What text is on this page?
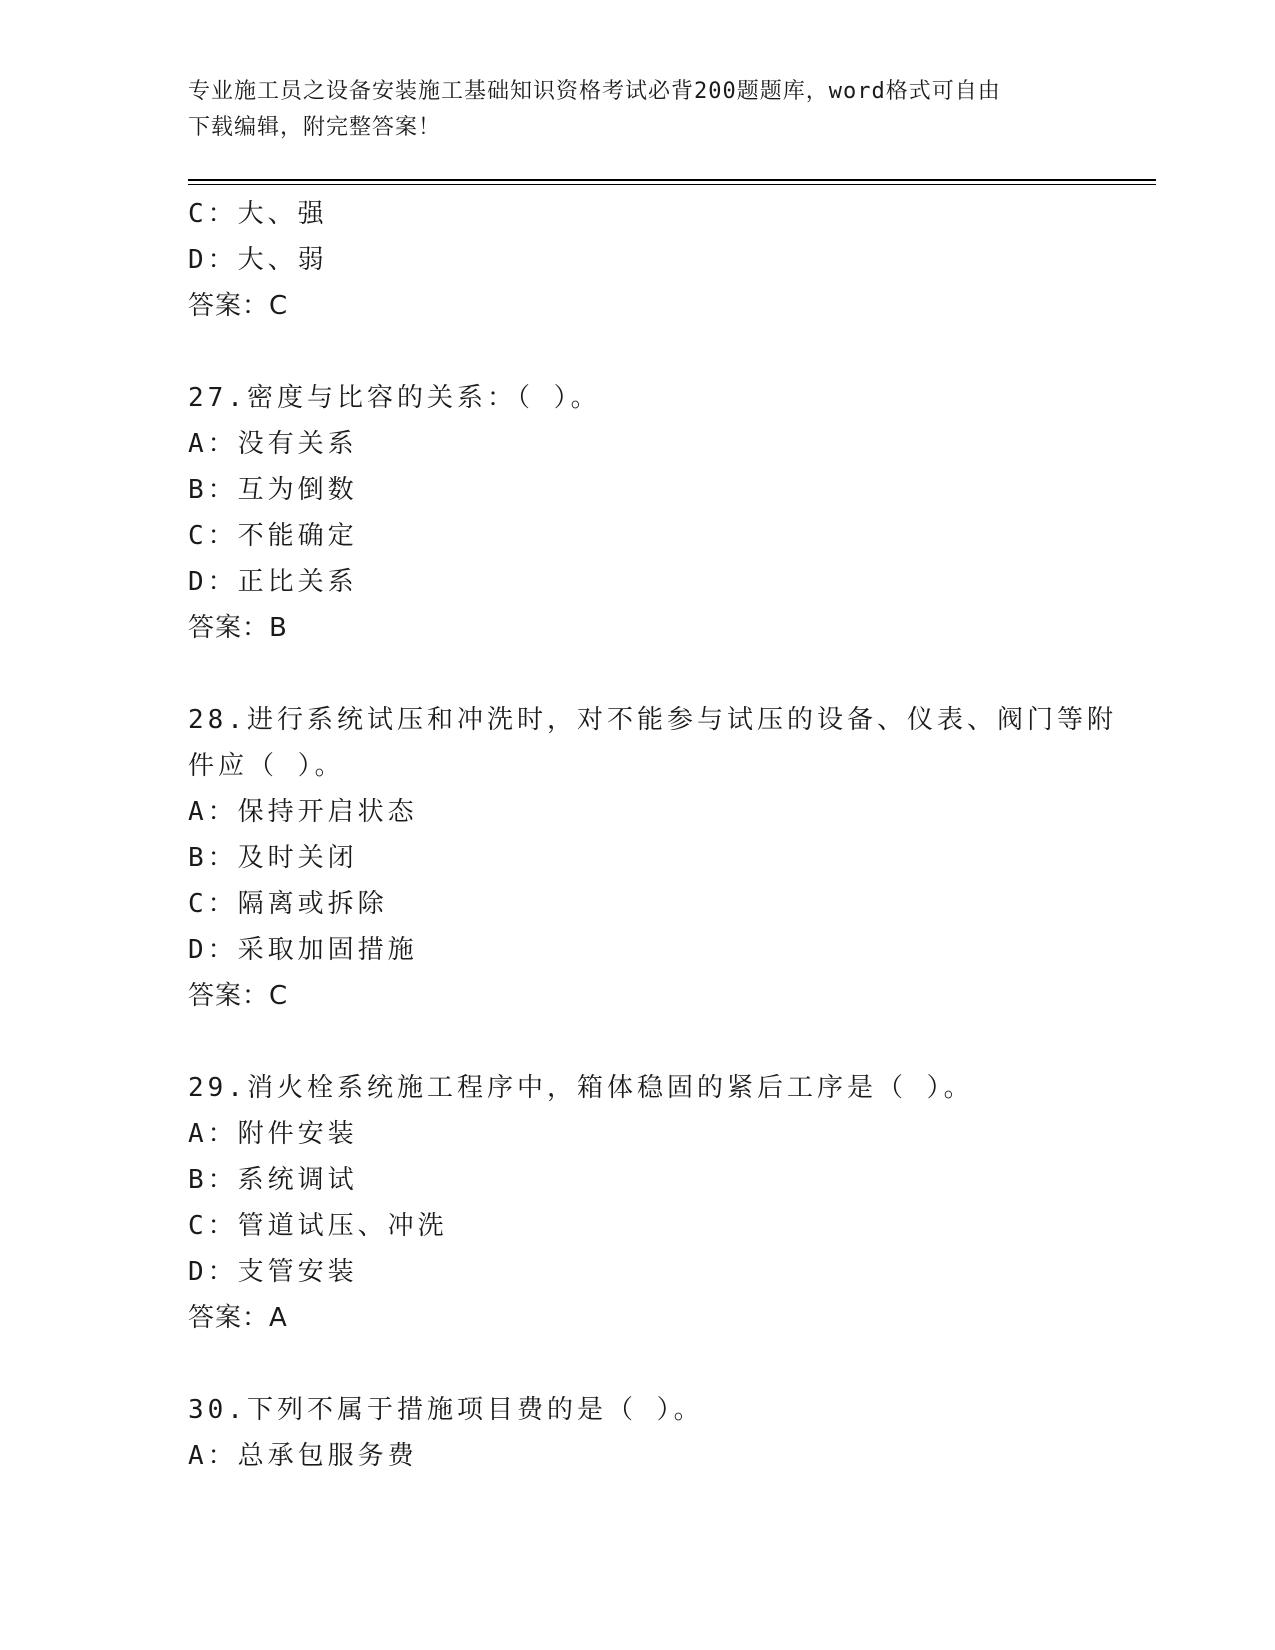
专业施工员之设备安装施工基础知识资格考试必背200题题库，word格式可自由
下载编辑，附完整答案！
C：大、强
D：大、弱
答案：C
27.密度与比容的关系：（ ）。
A：没有关系
B：互为倒数
C：不能确定
D：正比关系
答案：B
28.进行系统试压和冲洗时，对不能参与试压的设备、仪表、阀门等附
件应（ ）。
A：保持开启状态
B：及时关闭
C：隔离或拆除
D：采取加固措施
答案：C
29.消火栓系统施工程序中，箱体稳固的紧后工序是（ ）。
A：附件安装
B：系统调试
C：管道试压、冲洗
D：支管安装
答案：A
30.下列不属于措施项目费的是（ ）。
A：总承包服务费
